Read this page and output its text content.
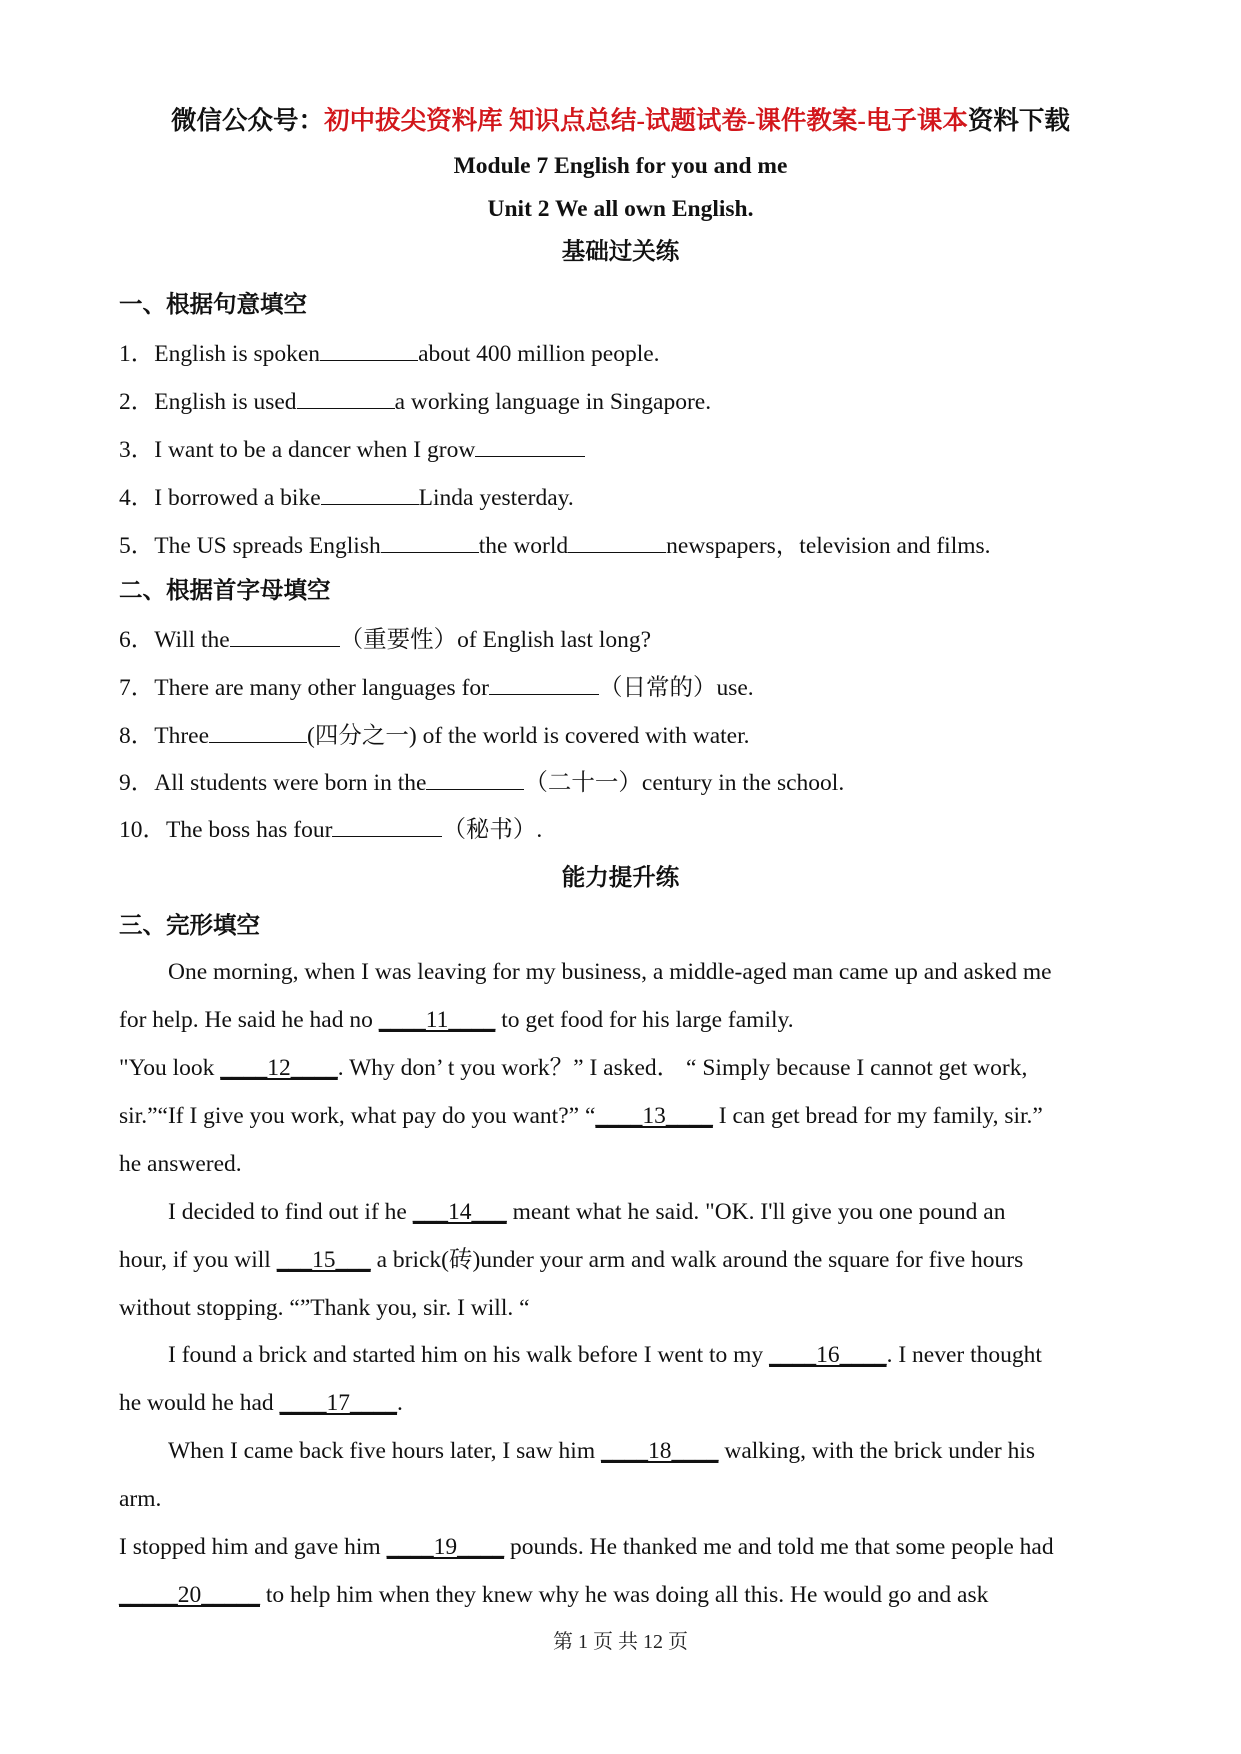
微信公众号：初中拔尖资料库 知识点总结-试题试卷-课件教案-电子课本资料下载
Module 7 English for you and me
Unit 2 We all own English.
基础过关练
一、根据句意填空
1．English is spoken	about 400 million people.
2．English is used	a working language in Singapore.
3．I want to be a dancer when I grow
4．I borrowed a bike	Linda yesterday.
5．The US spreads English	the world	newspapers，television and films.
二、根据首字母填空
6．Will the	（重要性）of English last long?
7．There are many other languages for	（日常的）use.
8．Three	(四分之一) of the world is covered with water.
9．All students were born in the	（二十一）century in the school.
10．The boss has four	（秘书）.
能力提升练
三、完形填空
One morning, when I was leaving for my business, a middle-aged man came up and asked me
for help. He said he had no ____11____ to get food for his large family.
"You look ____12____. Why don’ t you work？” I asked． “ Simply because I cannot get work,
sir.”“If I give you work, what pay do you want?” “____13____ I can get bread for my family, sir.”
he answered.
I decided to find out if he ___14___ meant what he said. "OK. I'll give you one pound an
hour, if you will ___15___ a brick(砖)under your arm and walk around the square for five hours
without stopping. “”Thank you, sir. I will. “
I found a brick and started him on his walk before I went to my ____16____. I never thought
he would he had ____17____.
When I came back five hours later, I saw him ____18____ walking, with the brick under his
arm.
I stopped him and gave him ____19____ pounds. He thanked me and told me that some people had
_____20_____ to help him when they knew why he was doing all this. He would go and ask
第 1 页 共 12 页
